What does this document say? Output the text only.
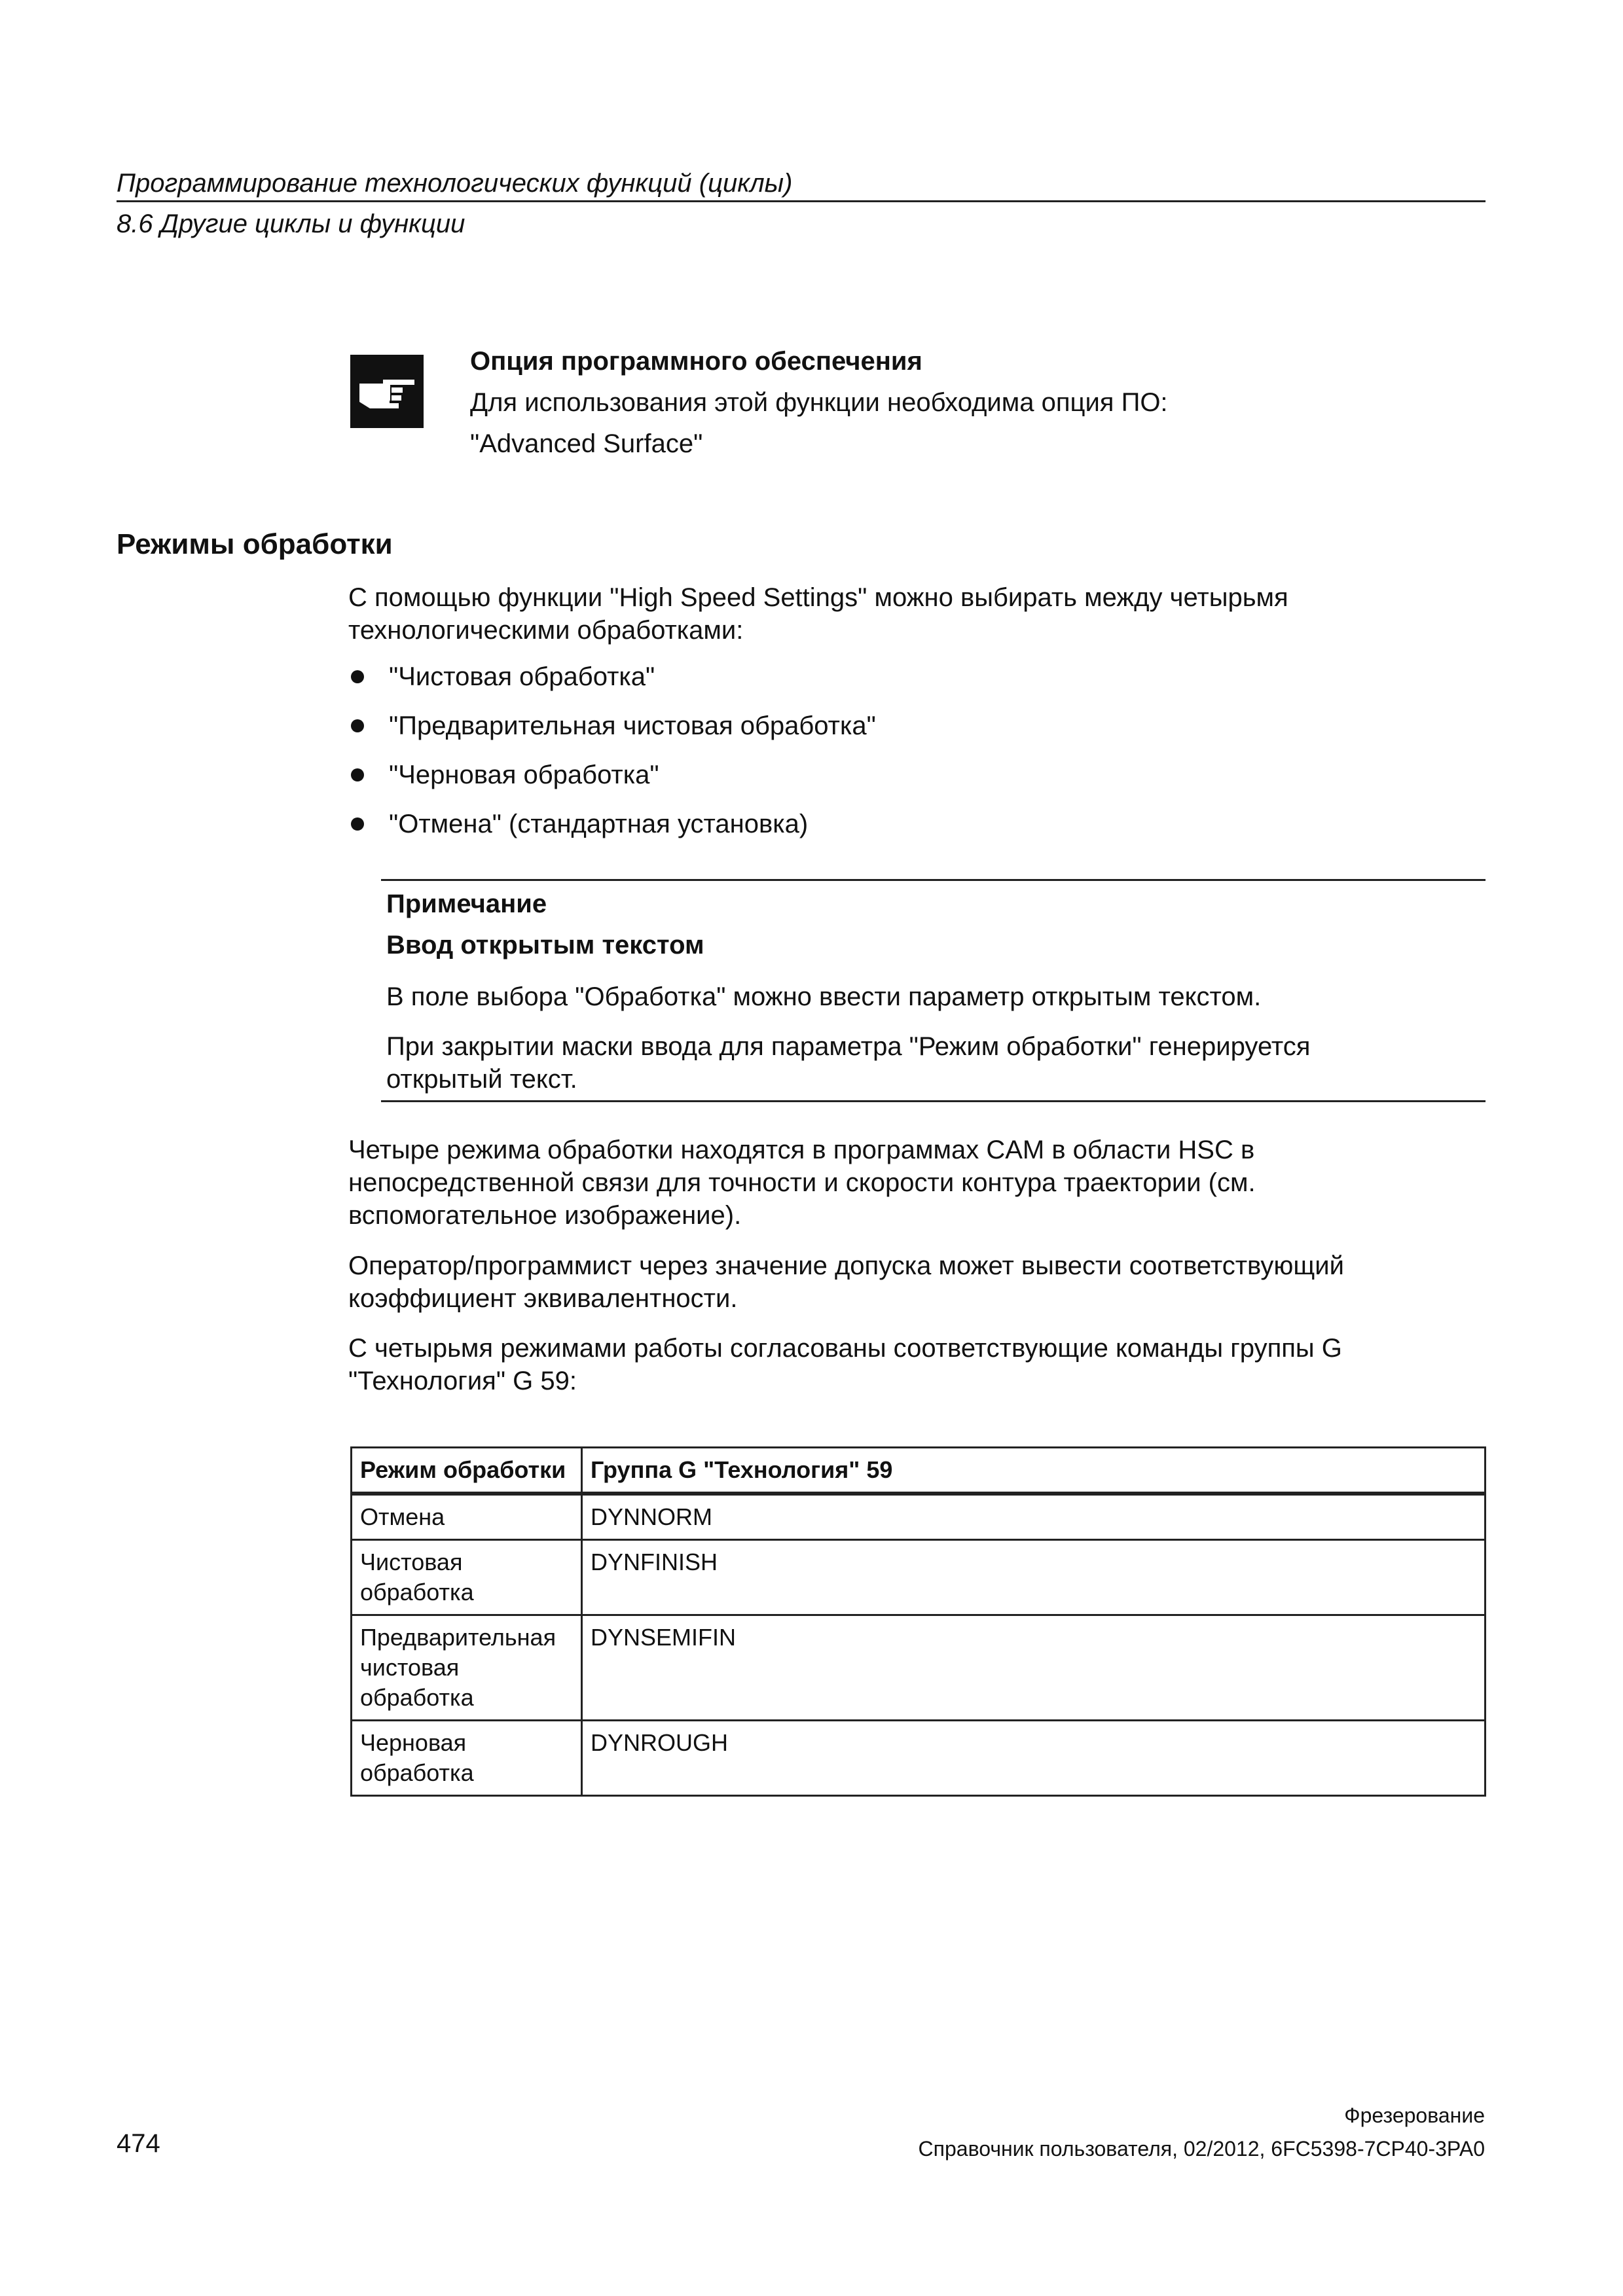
Программирование технологических функций (циклы)
8.6 Другие циклы и функции
Опция программного обеспечения
Для использования этой функции необходима опция ПО:
"Advanced Surface"
Режимы обработки
С помощью функции "High Speed Settings" можно выбирать между четырьмя
технологическими обработками:
"Чистовая обработка"
"Предварительная чистовая обработка"
"Черновая обработка"
"Отмена" (стандартная установка)
Примечание
Ввод открытым текстом
В поле выбора "Обработка" можно ввести параметр открытым текстом.
При закрытии маски ввода для параметра "Режим обработки" генерируется
открытый текст.
Четыре режима обработки находятся в программах CAM в области HSC в
непосредственной связи для точности и скорости контура траектории (см.
вспомогательное изображение).
Оператор/программист через значение допуска может вывести соответствующий
коэффициент эквивалентности.
С четырьмя режимами работы согласованы соответствующие команды группы G
"Технология" G 59:
Режим обработки	Группа G "Технология" 59
Отмена	DYNNORM
Чистовая
обработка	DYNFINISH
Предварительная
чистовая
обработка	DYNSEMIFIN
Черновая
обработка	DYNROUGH
474
Фрезерование
Справочник пользователя, 02/2012, 6FC5398-7CP40-3PA0
